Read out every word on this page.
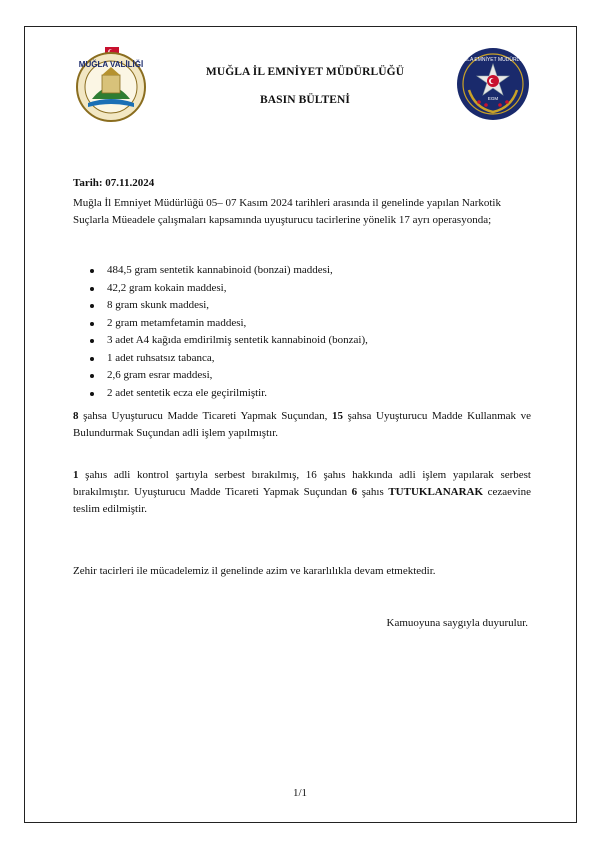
MUĞLA VALİLİĞİ	MUĞLA EMNİYET MÜDÜRLÜĞÜ
EGM
MUĞLA İL EMNİYET MÜDÜRLÜĞÜ
BASIN BÜLTENİ
Tarih: 07.11.2024
Muğla İl Emniyet Müdürlüğü 05– 07 Kasım 2024 tarihleri arasında il genelinde yapılan Narkotik Suçlarla Müeadele çalışmaları kapsamında uyuşturucu tacirlerine yönelik 17 ayrı operasyonda;
484,5 gram sentetik kannabinoid (bonzai) maddesi,
42,2 gram kokain maddesi,
8 gram skunk maddesi,
2 gram metamfetamin maddesi,
3 adet A4 kağıda emdirilmiş sentetik kannabinoid (bonzai),
1 adet ruhsatsız tabanca,
2,6 gram esrar maddesi,
2 adet sentetik ecza ele geçirilmiştir.
8 şahsa Uyuşturucu Madde Ticareti Yapmak Suçundan, 15 şahsa Uyuşturucu Madde Kullanmak ve Bulundurmak Suçundan adli işlem yapılmıştır.
1 şahıs adli kontrol şartıyla serbest bırakılmış, 16 şahıs hakkında adli işlem yapılarak serbest bırakılmıştır. Uyuşturucu Madde Ticareti Yapmak Suçundan 6 şahıs TUTUKLANARAK cezaevine teslim edilmiştir.
Zehir tacirleri ile mücadelemiz il genelinde azim ve kararlılıkla devam etmektedir.
Kamuoyuna saygıyla duyurulur.
1/1
